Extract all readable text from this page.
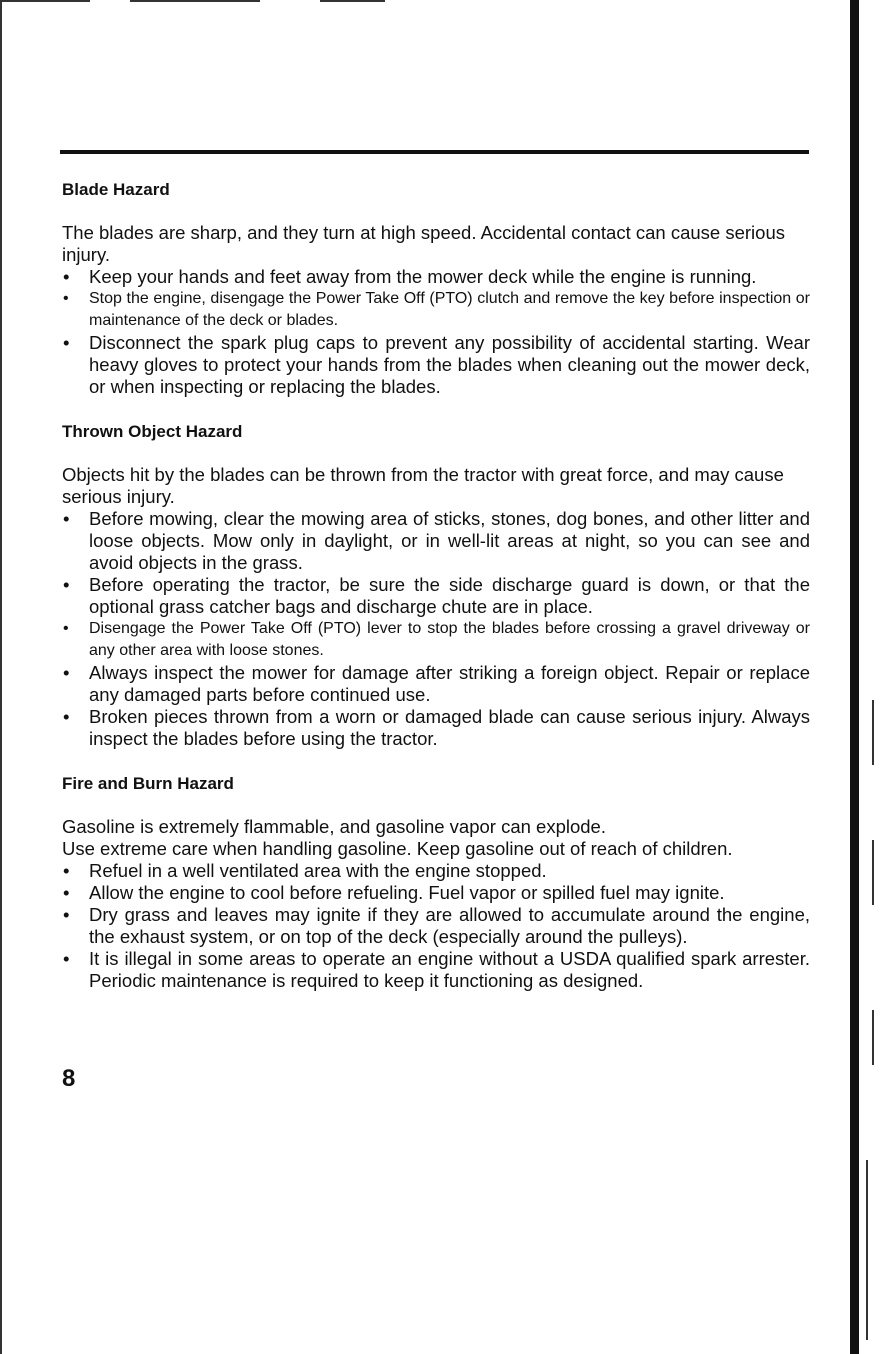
Blade Hazard

The blades are sharp, and they turn at high speed. Accidental contact can cause serious injury.

• Keep your hands and feet away from the mower deck while the engine is running.
• Stop the engine, disengage the Power Take Off (PTO) clutch and remove the key before inspection or maintenance of the deck or blades.
• Disconnect the spark plug caps to prevent any possibility of accidental starting. Wear heavy gloves to protect your hands from the blades when cleaning out the mower deck, or when inspecting or replacing the blades.
Thrown Object Hazard

Objects hit by the blades can be thrown from the tractor with great force, and may cause serious injury.

• Before mowing, clear the mowing area of sticks, stones, dog bones, and other litter and loose objects. Mow only in daylight, or in well-lit areas at night, so you can see and avoid objects in the grass.
• Before operating the tractor, be sure the side discharge guard is down, or that the optional grass catcher bags and discharge chute are in place.
• Disengage the Power Take Off (PTO) lever to stop the blades before crossing a gravel driveway or any other area with loose stones.
• Always inspect the mower for damage after striking a foreign object. Repair or replace any damaged parts before continued use.
• Broken pieces thrown from a worn or damaged blade can cause serious injury. Always inspect the blades before using the tractor.
Fire and Burn Hazard

Gasoline is extremely flammable, and gasoline vapor can explode.

Use extreme care when handling gasoline. Keep gasoline out of reach of children.

• Refuel in a well ventilated area with the engine stopped.
• Allow the engine to cool before refueling. Fuel vapor or spilled fuel may ignite.
• Dry grass and leaves may ignite if they are allowed to accumulate around the engine, the exhaust system, or on top of the deck (especially around the pulleys).
• It is illegal in some areas to operate an engine without a USDA qualified spark arrester. Periodic maintenance is required to keep it functioning as designed.
8
